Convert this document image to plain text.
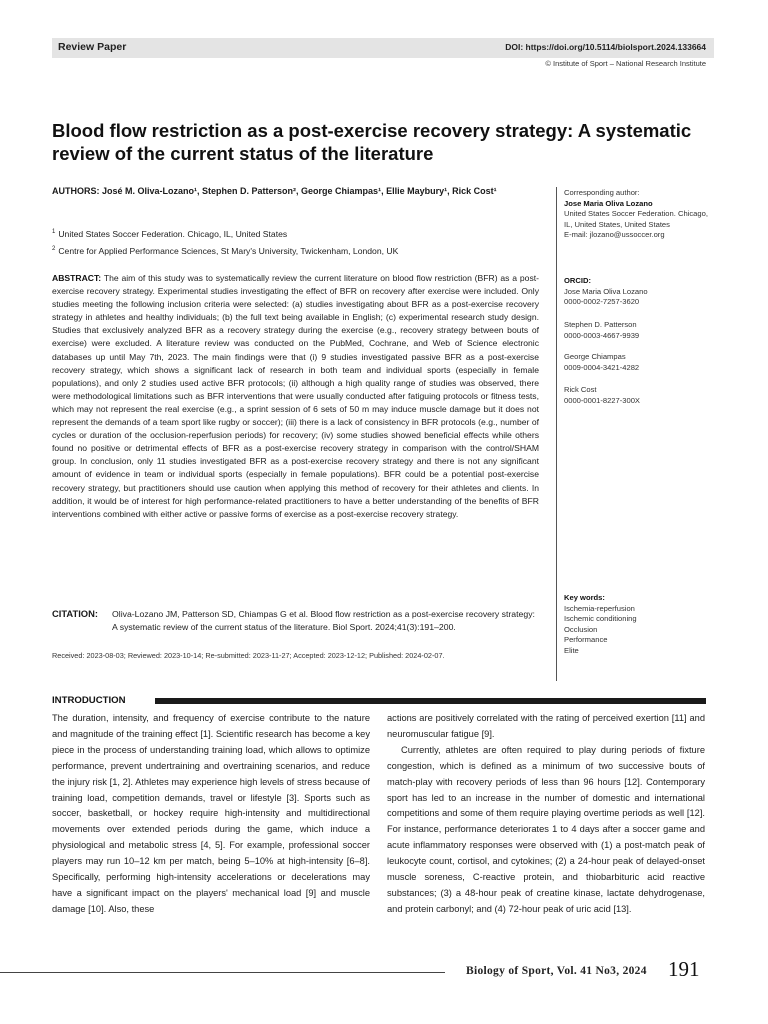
Review Paper	DOI: https://doi.org/10.5114/biolsport.2024.133664
© Institute of Sport – National Research Institute
Blood flow restriction as a post-exercise recovery strategy: A systematic review of the current status of the literature
AUTHORS: José M. Oliva-Lozano¹, Stephen D. Patterson², George Chiampas¹, Ellie Maybury¹, Rick Cost¹
$^1$ United States Soccer Federation. Chicago, IL, United States
$^2$ Centre for Applied Performance Sciences, St Mary's University, Twickenham, London, UK
ABSTRACT: The aim of this study was to systematically review the current literature on blood flow restriction (BFR) as a post-exercise recovery strategy. Experimental studies investigating the effect of BFR on recovery after exercise were included. Only studies meeting the following inclusion criteria were selected: (a) studies investigating about BFR as a post-exercise recovery strategy in athletes and healthy individuals; (b) the full text being available in English; (c) experimental research study design. Studies that exclusively analyzed BFR as a recovery strategy during the exercise (e.g., recovery strategy between bouts of exercise) were excluded. A literature review was conducted on the PubMed, Cochrane, and Web of Science electronic databases up until May 7th, 2023. The main findings were that (i) 9 studies investigated passive BFR as a post-exercise recovery strategy, which shows a significant lack of research in both team and individual sports (especially in female populations), and only 2 studies used active BFR protocols; (ii) although a high quality range of studies was observed, there were methodological limitations such as BFR interventions that were usually conducted after fatiguing protocols or fitness tests, which may not represent the real exercise (e.g., a sprint session of 6 sets of 50 m may induce muscle damage but it does not represent the demands of a team sport like rugby or soccer); (iii) there is a lack of consistency in BFR protocols (e.g., number of cycles or duration of the occlusion-reperfusion periods) for recovery; (iv) some studies showed beneficial effects while others found no positive or detrimental effects of BFR as a post-exercise recovery strategy in comparison with the control/SHAM group. In conclusion, only 11 studies investigated BFR as a post-exercise recovery strategy and there is not any significant amount of evidence in team or individual sports (especially in female populations). BFR could be a potential post-exercise recovery strategy, but practitioners should use caution when applying this method of recovery for their athletes and clients. In addition, it would be of interest for high performance-related practitioners to have a better understanding of the benefits of BFR interventions combined with either active or passive forms of exercise as a post-exercise recovery strategy.
CITATION: Oliva-Lozano JM, Patterson SD, Chiampas G et al. Blood flow restriction as a post-exercise recovery strategy: A systematic review of the current status of the literature. Biol Sport. 2024;41(3):191–200.
Received: 2023-08-03; Reviewed: 2023-10-14; Re-submitted: 2023-11-27; Accepted: 2023-12-12; Published: 2024-02-07.
Corresponding author:
Jose Maria Oliva Lozano
United States Soccer Federation. Chicago, IL, United States, United States
E-mail: jlozano@ussoccer.org
ORCID:
Jose Maria Oliva Lozano
0000-0002-7257-3620
Stephen D. Patterson
0000-0003-4667-9939
George Chiampas
0009-0004-3421-4282
Rick Cost
0000-0001-8227-300X
Key words:
Ischemia-reperfusion
Ischemic conditioning
Occlusion
Performance
Elite
INTRODUCTION

The duration, intensity, and frequency of exercise contribute to the nature and magnitude of the training effect [1]. Scientific research has become a key piece in the process of understanding training load, which allows to optimize performance, prevent undertraining and overtraining scenarios, and reduce the injury risk [1, 2]. Athletes may experience high levels of stress because of training load, competition demands, travel or lifestyle [3]. Sports such as soccer, basketball, or hockey require high-intensity and multidirectional movements over extended periods during the game, which induce a physiological and metabolic stress [4, 5]. For example, professional soccer players may run 10–12 km per match, being 5–10% at high-intensity [6–8]. Specifically, performing high-intensity accelerations or decelerations may have a significant impact on the players' mechanical load [9] and muscle damage [10]. Also, these

actions are positively correlated with the rating of perceived exertion [11] and neuromuscular fatigue [9].

Currently, athletes are often required to play during periods of fixture congestion, which is defined as a minimum of two successive bouts of match-play with recovery periods of less than 96 hours [12]. Contemporary sport has led to an increase in the number of domestic and international competitions and some of them require playing overtime periods as well [12]. For instance, performance deteriorates 1 to 4 days after a soccer game and acute inflammatory responses were observed with (1) a post-match peak of leukocyte count, cortisol, and cytokines; (2) a 24-hour peak of delayed-onset muscle soreness, C-reactive protein, and thiobarbituric acid reactive substances; (3) a 48-hour peak of creatine kinase, lactate dehydrogenase, and protein carbonyl; and (4) 72-hour peak of uric acid [13].

Biology of Sport, Vol. 41 No3, 2024 191
